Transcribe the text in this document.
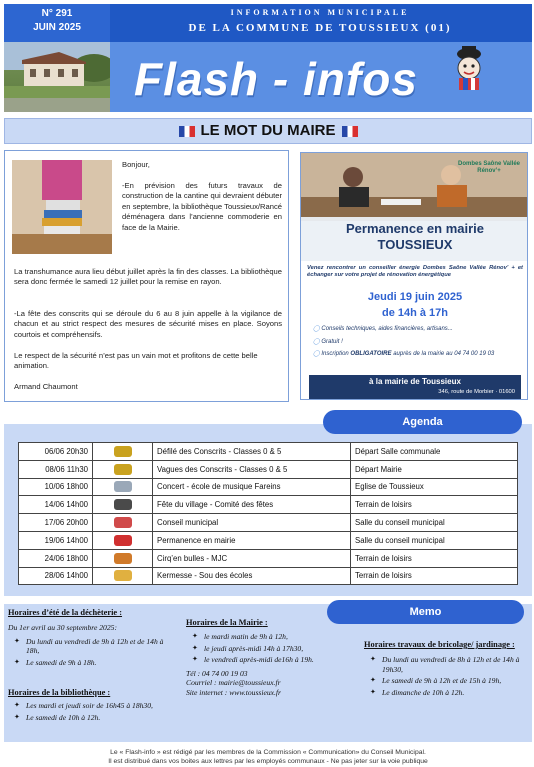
N° 291
JUIN 2025
INFORMATION MUNICIPALE
DE LA COMMUNE DE TOUSSIEUX (01)
Flash - infos
LE MOT DU MAIRE
Bonjour,
-En prévision des futurs travaux de construction de la cantine qui devraient débuter en septembre, la bibliothèque Toussieux/Rancé déménagera dans l’ancienne commoderie en face de la Mairie.
La transhumance aura lieu début juillet après la fin des classes. La bibliothèque sera donc fermée le samedi 12 juillet pour la remise en rayon.
-La fête des conscrits qui se déroule du 6 au 8 juin appelle à la vigilance de chacun et au strict respect des mesures de sécurité mises en place. Soyons courtois et compréhensifs.
Le respect de la sécurité n’est pas un vain mot et profitons de cette belle animation.
Armand Chaumont
Dombes Saône Vallée Rénov’+
Permanence en mairie
TOUSSIEUX
Venez rencontrer un conseiller énergie Dombes Saône Vallée Rénov’ + et échanger sur votre projet de rénovation énergétique
Jeudi 19 juin 2025
de 14h à 17h
◯ Conseils techniques, aides financières, artisans...
◯ Gratuit !
◯ Inscription OBLIGATOIRE auprès de la mairie au 04 74 00 19 03
à la mairie de Toussieux
346, route de Morbier · 01600
Agenda
06/06 20h30		Défilé des Conscrits - Classes 0 & 5	Départ Salle communale
08/06 11h30		Vagues des Conscrits - Classes 0 & 5	Départ Mairie
10/06 18h00		Concert - école de musique Fareins	Eglise de Toussieux
14/06 14h00		Fête du village - Comité des fêtes	Terrain de loisirs
17/06 20h00		Conseil municipal	Salle du conseil municipal
19/06 14h00		Permanence en mairie	Salle du conseil municipal
24/06 18h00		Cirq’en bulles - MJC	Terrain de loisirs
28/06 14h00		Kermesse - Sou des écoles	Terrain de loisirs
Memo
Horaires d’été de la déchèterie :
Du 1er avril au 30 septembre 2025:
✦ Du lundi au vendredi de 9h à 12h et de 14h à 18h,
✦ Le samedi de 9h à 18h.
Horaires de la bibliothèque :
✦ Les mardi et jeudi soir de 16h45 à 18h30,
✦ Le samedi de 10h à 12h.
Horaires de la Mairie :
✦ le mardi matin de 9h à 12h,
✦ le jeudi après-midi 14h à 17h30,
✦ le vendredi après-midi de16h à 19h.
Tél : 04 74 00 19 03
Courriel : mairie@toussieux.fr
Site internet : www.toussieux.fr
Horaires travaux de bricolage/ jardinage :
✦ Du lundi au vendredi de 8h à 12h et de 14h à 19h30,
✦ Le samedi de 9h à 12h et de 15h à 19h,
✦ Le dimanche de 10h à 12h.
Le « Flash-info » est rédigé par les membres de la Commission « Communication» du Conseil Municipal.
Il est distribué dans vos boites aux lettres par les employés communaux - Ne pas jeter sur la voie publique
